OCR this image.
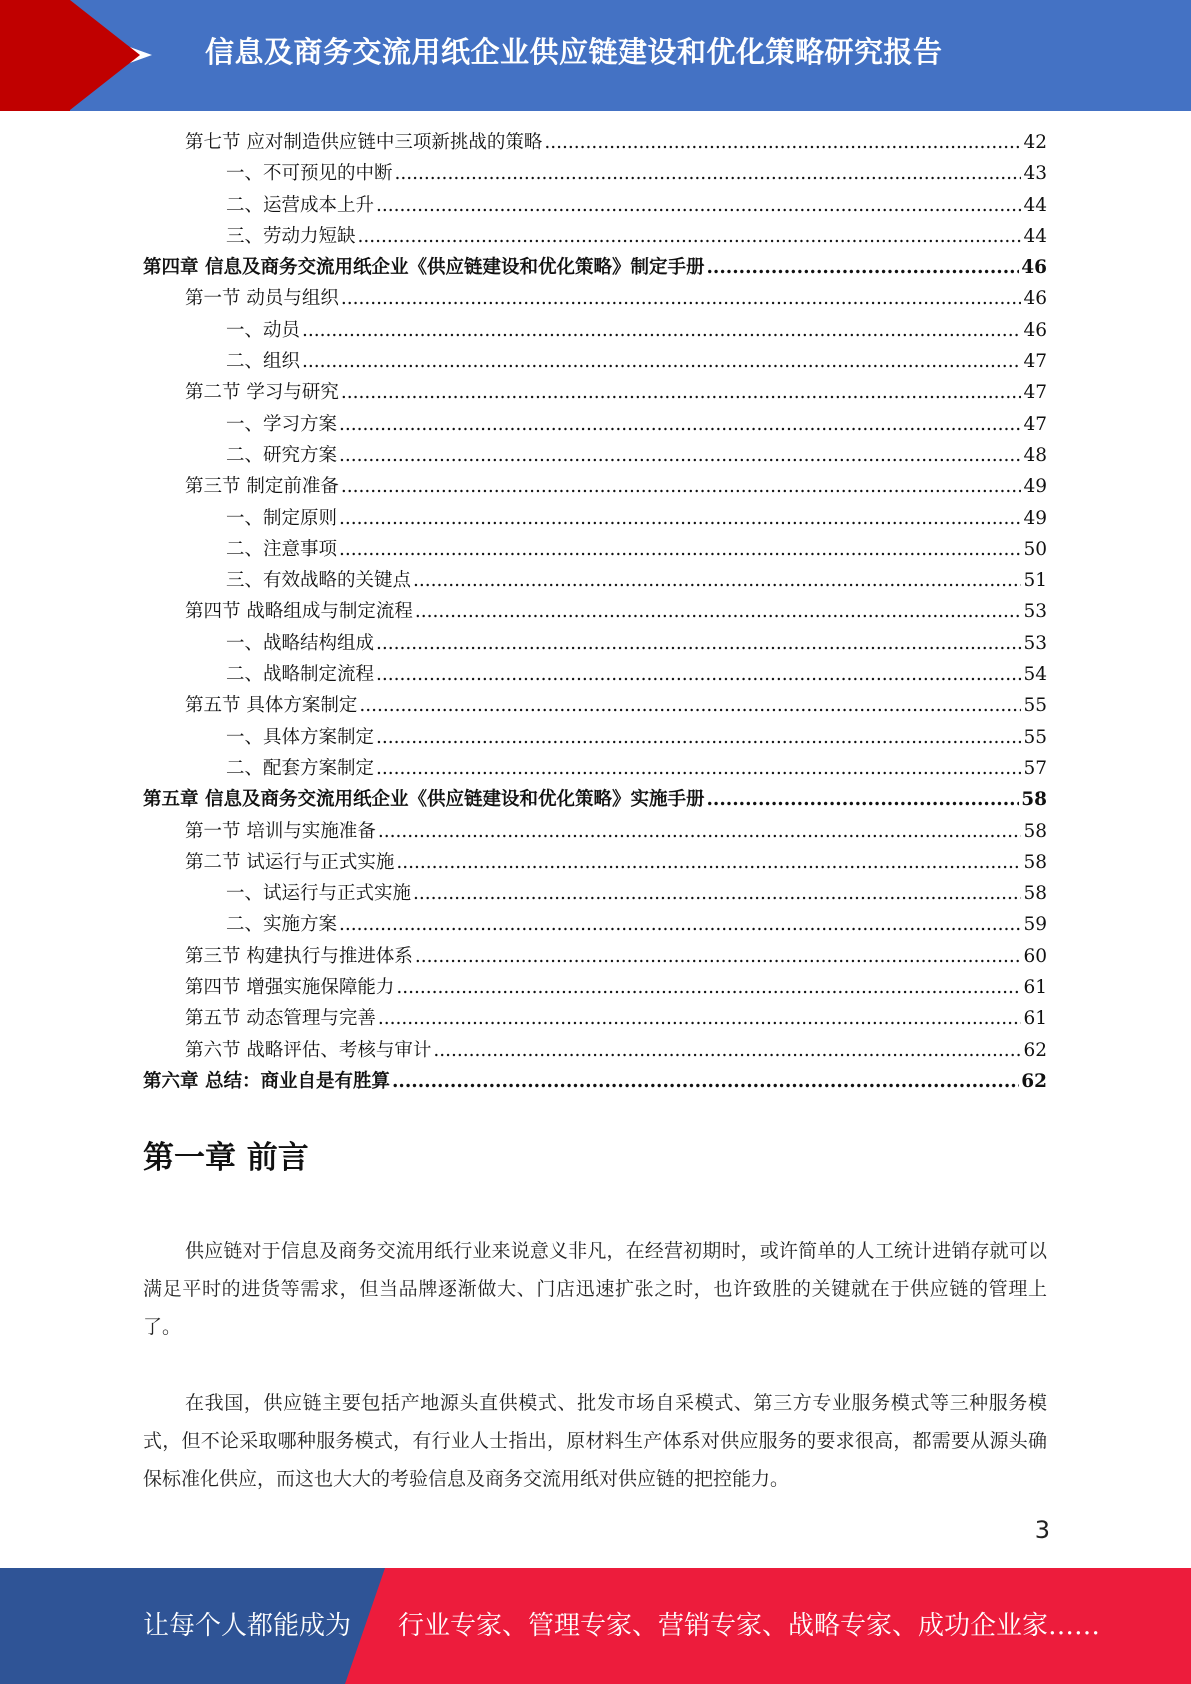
信息及商务交流用纸企业供应链建设和优化策略研究报告
第七节 应对制造供应链中三项新挑战的策略 .....	42
一、不可预见的中断 .....	43
二、运营成本上升 .....	44
三、劳动力短缺 .....	44
第四章 信息及商务交流用纸企业《供应链建设和优化策略》制定手册 .....	46
第一节 动员与组织 .....	46
一、动员 .....	46
二、组织 .....	47
第二节 学习与研究 .....	47
一、学习方案 .....	47
二、研究方案 .....	48
第三节 制定前准备 .....	49
一、制定原则 .....	49
二、注意事项 .....	50
三、有效战略的关键点 .....	51
第四节 战略组成与制定流程 .....	53
一、战略结构组成 .....	53
二、战略制定流程 .....	54
第五节 具体方案制定 .....	55
一、具体方案制定 .....	55
二、配套方案制定 .....	57
第五章 信息及商务交流用纸企业《供应链建设和优化策略》实施手册 .....	58
第一节 培训与实施准备 .....	58
第二节 试运行与正式实施 .....	58
一、试运行与正式实施 .....	58
二、实施方案 .....	59
第三节 构建执行与推进体系 .....	60
第四节 增强实施保障能力 .....	61
第五节 动态管理与完善 .....	61
第六节 战略评估、考核与审计 .....	62
第六章 总结：商业自是有胜算 .....	62
第一章 前言

供应链对于信息及商务交流用纸行业来说意义非凡，在经营初期时，或许简单的人工统计进销存就可以满足平时的进货等需求，但当品牌逐渐做大、门店迅速扩张之时，也许致胜的关键就在于供应链的管理上了。

在我国，供应链主要包括产地源头直供模式、批发市场自采模式、第三方专业服务模式等三种服务模式，但不论采取哪种服务模式，有行业人士指出，原材料生产体系对供应服务的要求很高，都需要从源头确保标准化供应，而这也大大的考验信息及商务交流用纸对供应链的把控能力。

3
让每个人都能成为 行业专家、管理专家、营销专家、战略专家、成功企业家……
